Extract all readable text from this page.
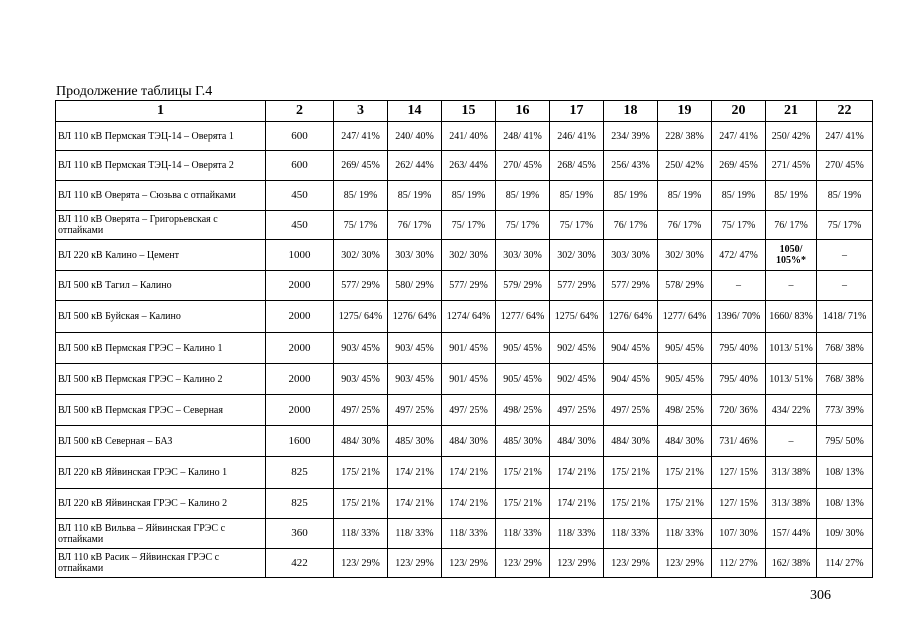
Продолжение таблицы Г.4
1	2	3	14	15	16	17	18	19	20	21	22
ВЛ 110 кВ Пермская ТЭЦ-14 – Оверята 1	600	247/ 41%	240/ 40%	241/ 40%	248/ 41%	246/ 41%	234/ 39%	228/ 38%	247/ 41%	250/ 42%	247/ 41%
ВЛ 110 кВ Пермская ТЭЦ-14 – Оверята 2	600	269/ 45%	262/ 44%	263/ 44%	270/ 45%	268/ 45%	256/ 43%	250/ 42%	269/ 45%	271/ 45%	270/ 45%
ВЛ 110 кВ Оверята – Сюзьва с отпайками	450	85/ 19%	85/ 19%	85/ 19%	85/ 19%	85/ 19%	85/ 19%	85/ 19%	85/ 19%	85/ 19%	85/ 19%
ВЛ 110 кВ Оверята – Григорьевская с отпайками	450	75/ 17%	76/ 17%	75/ 17%	75/ 17%	75/ 17%	76/ 17%	76/ 17%	75/ 17%	76/ 17%	75/ 17%
ВЛ 220 кВ Калино – Цемент	1000	302/ 30%	303/ 30%	302/ 30%	303/ 30%	302/ 30%	303/ 30%	302/ 30%	472/ 47%	1050/ 105%*	–
ВЛ 500 кВ Тагил – Калино	2000	577/ 29%	580/ 29%	577/ 29%	579/ 29%	577/ 29%	577/ 29%	578/ 29%	–	–	–
ВЛ 500 кВ Буйская – Калино	2000	1275/ 64%	1276/ 64%	1274/ 64%	1277/ 64%	1275/ 64%	1276/ 64%	1277/ 64%	1396/ 70%	1660/ 83%	1418/ 71%
ВЛ 500 кВ Пермская ГРЭС – Калино 1	2000	903/ 45%	903/ 45%	901/ 45%	905/ 45%	902/ 45%	904/ 45%	905/ 45%	795/ 40%	1013/ 51%	768/ 38%
ВЛ 500 кВ Пермская ГРЭС – Калино 2	2000	903/ 45%	903/ 45%	901/ 45%	905/ 45%	902/ 45%	904/ 45%	905/ 45%	795/ 40%	1013/ 51%	768/ 38%
ВЛ 500 кВ Пермская ГРЭС – Северная	2000	497/ 25%	497/ 25%	497/ 25%	498/ 25%	497/ 25%	497/ 25%	498/ 25%	720/ 36%	434/ 22%	773/ 39%
ВЛ 500 кВ Северная – БАЗ	1600	484/ 30%	485/ 30%	484/ 30%	485/ 30%	484/ 30%	484/ 30%	484/ 30%	731/ 46%	–	795/ 50%
ВЛ 220 кВ Яйвинская ГРЭС – Калино 1	825	175/ 21%	174/ 21%	174/ 21%	175/ 21%	174/ 21%	175/ 21%	175/ 21%	127/ 15%	313/ 38%	108/ 13%
ВЛ 220 кВ Яйвинская ГРЭС – Калино 2	825	175/ 21%	174/ 21%	174/ 21%	175/ 21%	174/ 21%	175/ 21%	175/ 21%	127/ 15%	313/ 38%	108/ 13%
ВЛ 110 кВ Вильва – Яйвинская ГРЭС с отпайками	360	118/ 33%	118/ 33%	118/ 33%	118/ 33%	118/ 33%	118/ 33%	118/ 33%	107/ 30%	157/ 44%	109/ 30%
ВЛ 110 кВ Расик – Яйвинская ГРЭС с отпайками	422	123/ 29%	123/ 29%	123/ 29%	123/ 29%	123/ 29%	123/ 29%	123/ 29%	112/ 27%	162/ 38%	114/ 27%
306
